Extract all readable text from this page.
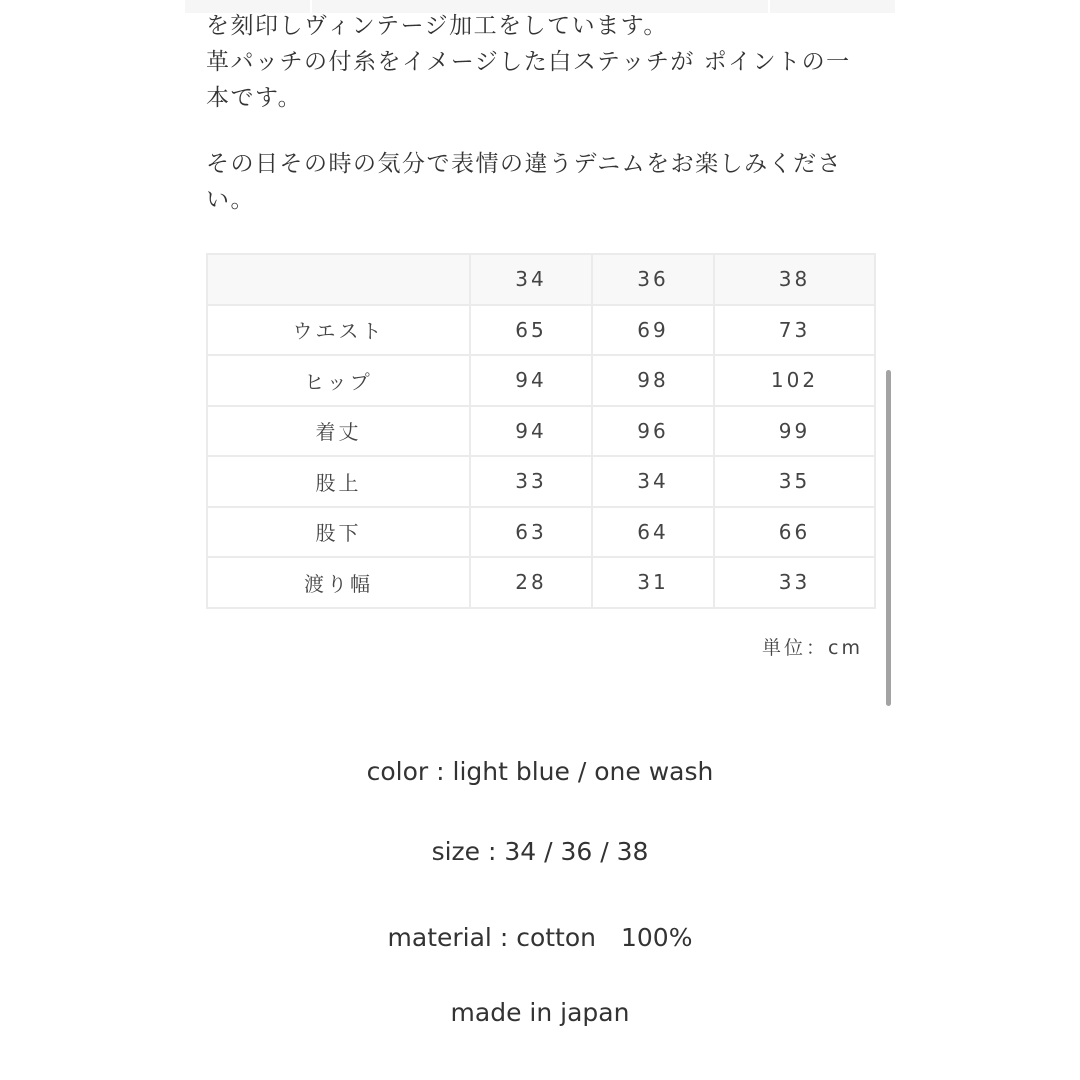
を刻印しヴィンテージ加工をしています。
革パッチの付糸をイメージした白ステッチが ポイントの一
本です。
その日その時の気分で表情の違うデニムをお楽しみくださ
い。
	34	36	38
ウエスト	65	69	73
ヒップ	94	98	102
着丈	94	96	99
股上	33	34	35
股下	63	64	66
渡り幅	28	31	33
単位：cm
color : light blue / one wash
size : 34 / 36 / 38
material : cotton　100%
made in japan
